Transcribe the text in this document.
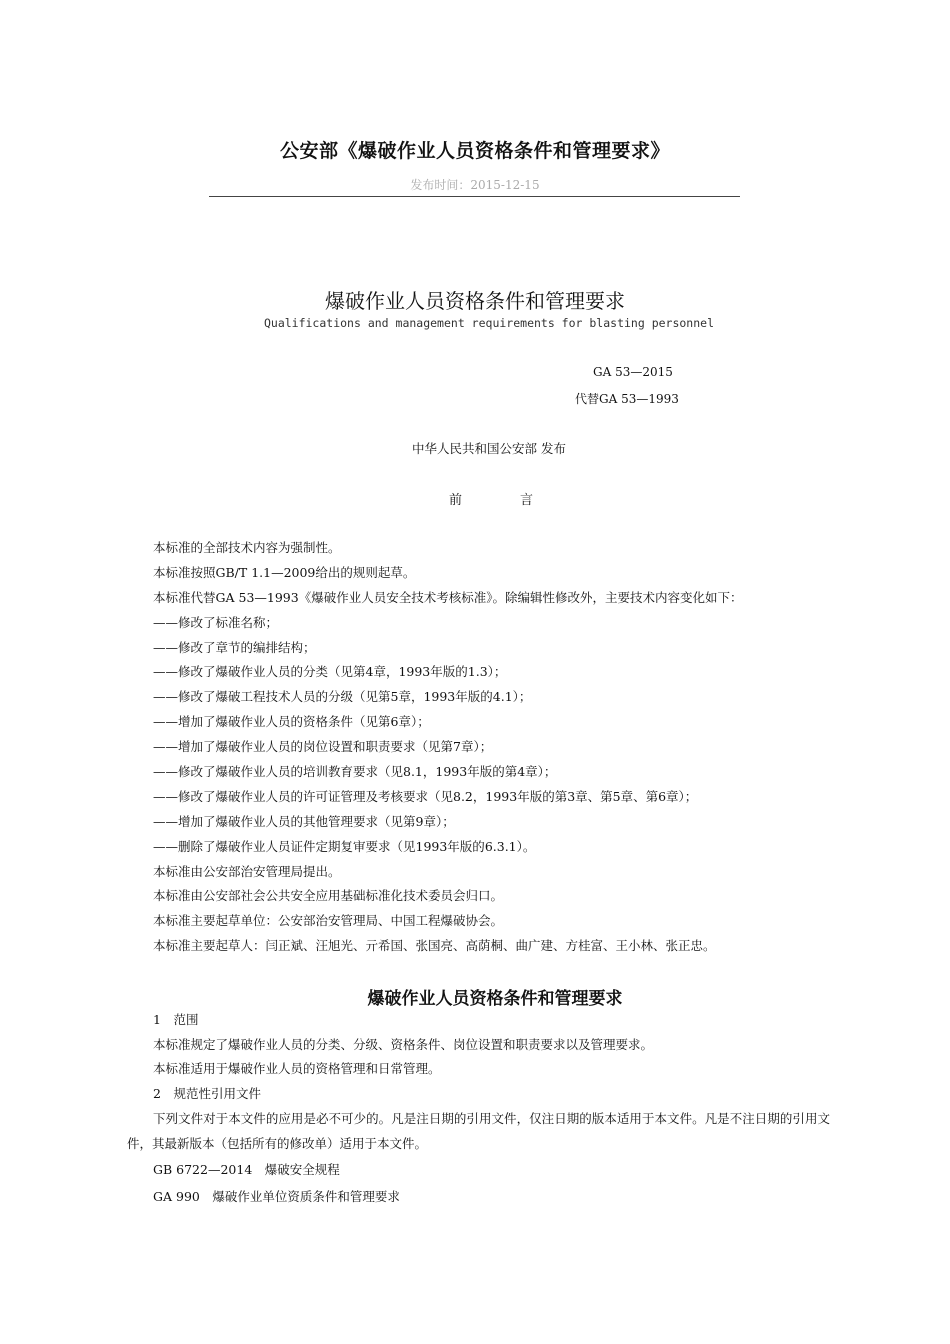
公安部《爆破作业人员资格条件和管理要求》
发布时间：2015-12-15
爆破作业人员资格条件和管理要求
Qualifications and management requirements for blasting personnel
GA 53—2015
代替GA 53—1993
中华人民共和国公安部 发布
前	言
本标准的全部技术内容为强制性。
本标准按照GB/T 1.1—2009给出的规则起草。
本标准代替GA 53—1993《爆破作业人员安全技术考核标准》。除编辑性修改外，主要技术内容变化如下：
——修改了标准名称；
——修改了章节的编排结构；
——修改了爆破作业人员的分类（见第4章，1993年版的1.3）；
——修改了爆破工程技术人员的分级（见第5章，1993年版的4.1）；
——增加了爆破作业人员的资格条件（见第6章）；
——增加了爆破作业人员的岗位设置和职责要求（见第7章）；
——修改了爆破作业人员的培训教育要求（见8.1，1993年版的第4章）；
——修改了爆破作业人员的许可证管理及考核要求（见8.2，1993年版的第3章、第5章、第6章）；
——增加了爆破作业人员的其他管理要求（见第9章）；
——删除了爆破作业人员证件定期复审要求（见1993年版的6.3.1）。
本标准由公安部治安管理局提出。
本标准由公安部社会公共安全应用基础标准化技术委员会归口。
本标准主要起草单位：公安部治安管理局、中国工程爆破协会。
本标准主要起草人：闫正斌、汪旭光、亓希国、张国亮、高荫桐、曲广建、方桂富、王小林、张正忠。
爆破作业人员资格条件和管理要求
1　范围
本标准规定了爆破作业人员的分类、分级、资格条件、岗位设置和职责要求以及管理要求。
本标准适用于爆破作业人员的资格管理和日常管理。
2　规范性引用文件
下列文件对于本文件的应用是必不可少的。凡是注日期的引用文件，仅注日期的版本适用于本文件。凡是不注日期的引用文件，其最新版本（包括所有的修改单）适用于本文件。
GB 6722—2014　爆破安全规程
GA 990　爆破作业单位资质条件和管理要求
